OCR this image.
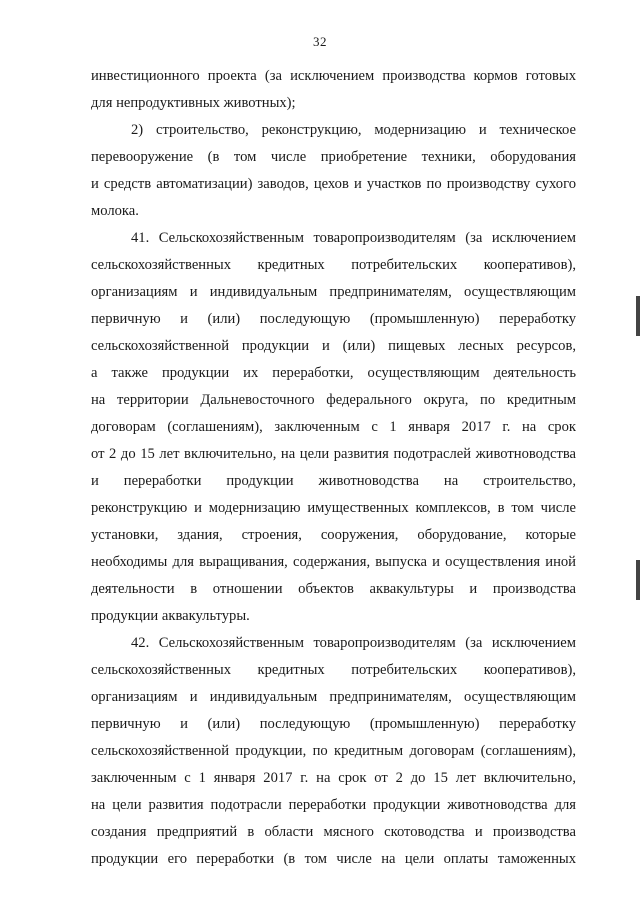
32
инвестиционного проекта (за исключением производства кормов готовых
для непродуктивных животных);
2) строительство, реконструкцию, модернизацию и техническое
перевооружение (в том числе приобретение техники, оборудования
и средств автоматизации) заводов, цехов и участков по производству сухого
молока.
41. Сельскохозяйственным товаропроизводителям (за исключением
сельскохозяйственных кредитных потребительских кооперативов),
организациям и индивидуальным предпринимателям, осуществляющим
первичную и (или) последующую (промышленную) переработку
сельскохозяйственной продукции и (или) пищевых лесных ресурсов,
а также продукции их переработки, осуществляющим деятельность
на территории Дальневосточного федерального округа, по кредитным
договорам (соглашениям), заключенным с 1 января 2017 г. на срок
от 2 до 15 лет включительно, на цели развития подотраслей животноводства
и переработки продукции животноводства на строительство,
реконструкцию и модернизацию имущественных комплексов, в том числе
установки, здания, строения, сооружения, оборудование, которые
необходимы для выращивания, содержания, выпуска и осуществления иной
деятельности в отношении объектов аквакультуры и производства
продукции аквакультуры.
42. Сельскохозяйственным товаропроизводителям (за исключением
сельскохозяйственных кредитных потребительских кооперативов),
организациям и индивидуальным предпринимателям, осуществляющим
первичную и (или) последующую (промышленную) переработку
сельскохозяйственной продукции, по кредитным договорам (соглашениям),
заключенным с 1 января 2017 г. на срок от 2 до 15 лет включительно,
на цели развития подотрасли переработки продукции животноводства для
создания предприятий в области мясного скотоводства и производства
продукции его переработки (в том числе на цели оплаты таможенных
